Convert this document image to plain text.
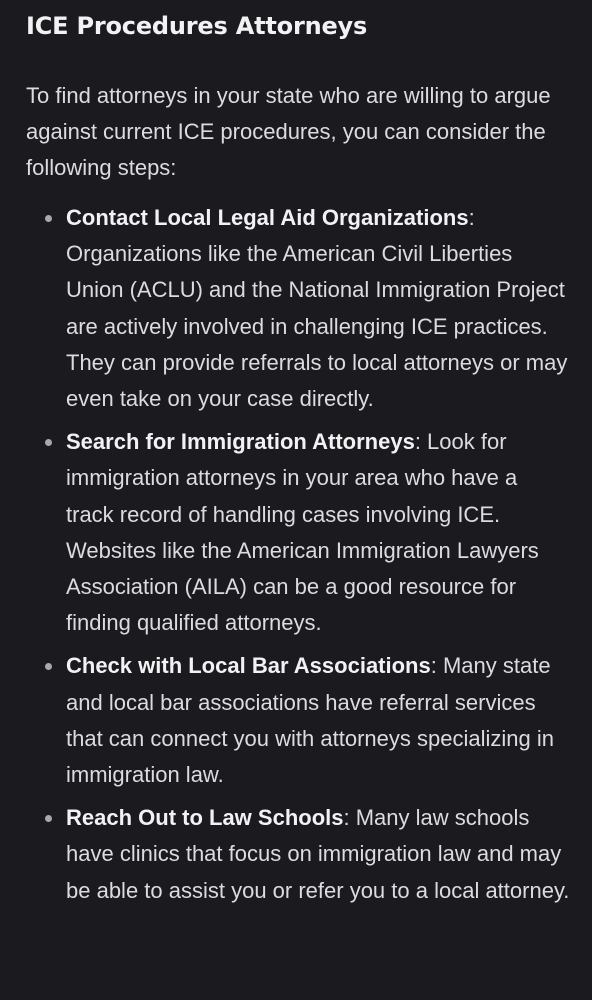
ICE Procedures Attorneys

To find attorneys in your state who are willing to argue against current ICE procedures, you can consider the following steps:

Contact Local Legal Aid Organizations: Organizations like the American Civil Liberties Union (ACLU) and the National Immigration Project are actively involved in challenging ICE practices. They can provide referrals to local attorneys or may even take on your case directly.
Search for Immigration Attorneys: Look for immigration attorneys in your area who have a track record of handling cases involving ICE. Websites like the American Immigration Lawyers Association (AILA) can be a good resource for finding qualified attorneys.
Check with Local Bar Associations: Many state and local bar associations have referral services that can connect you with attorneys specializing in immigration law.
Reach Out to Law Schools: Many law schools have clinics that focus on immigration law and may be able to assist you or refer you to a local attorney.
